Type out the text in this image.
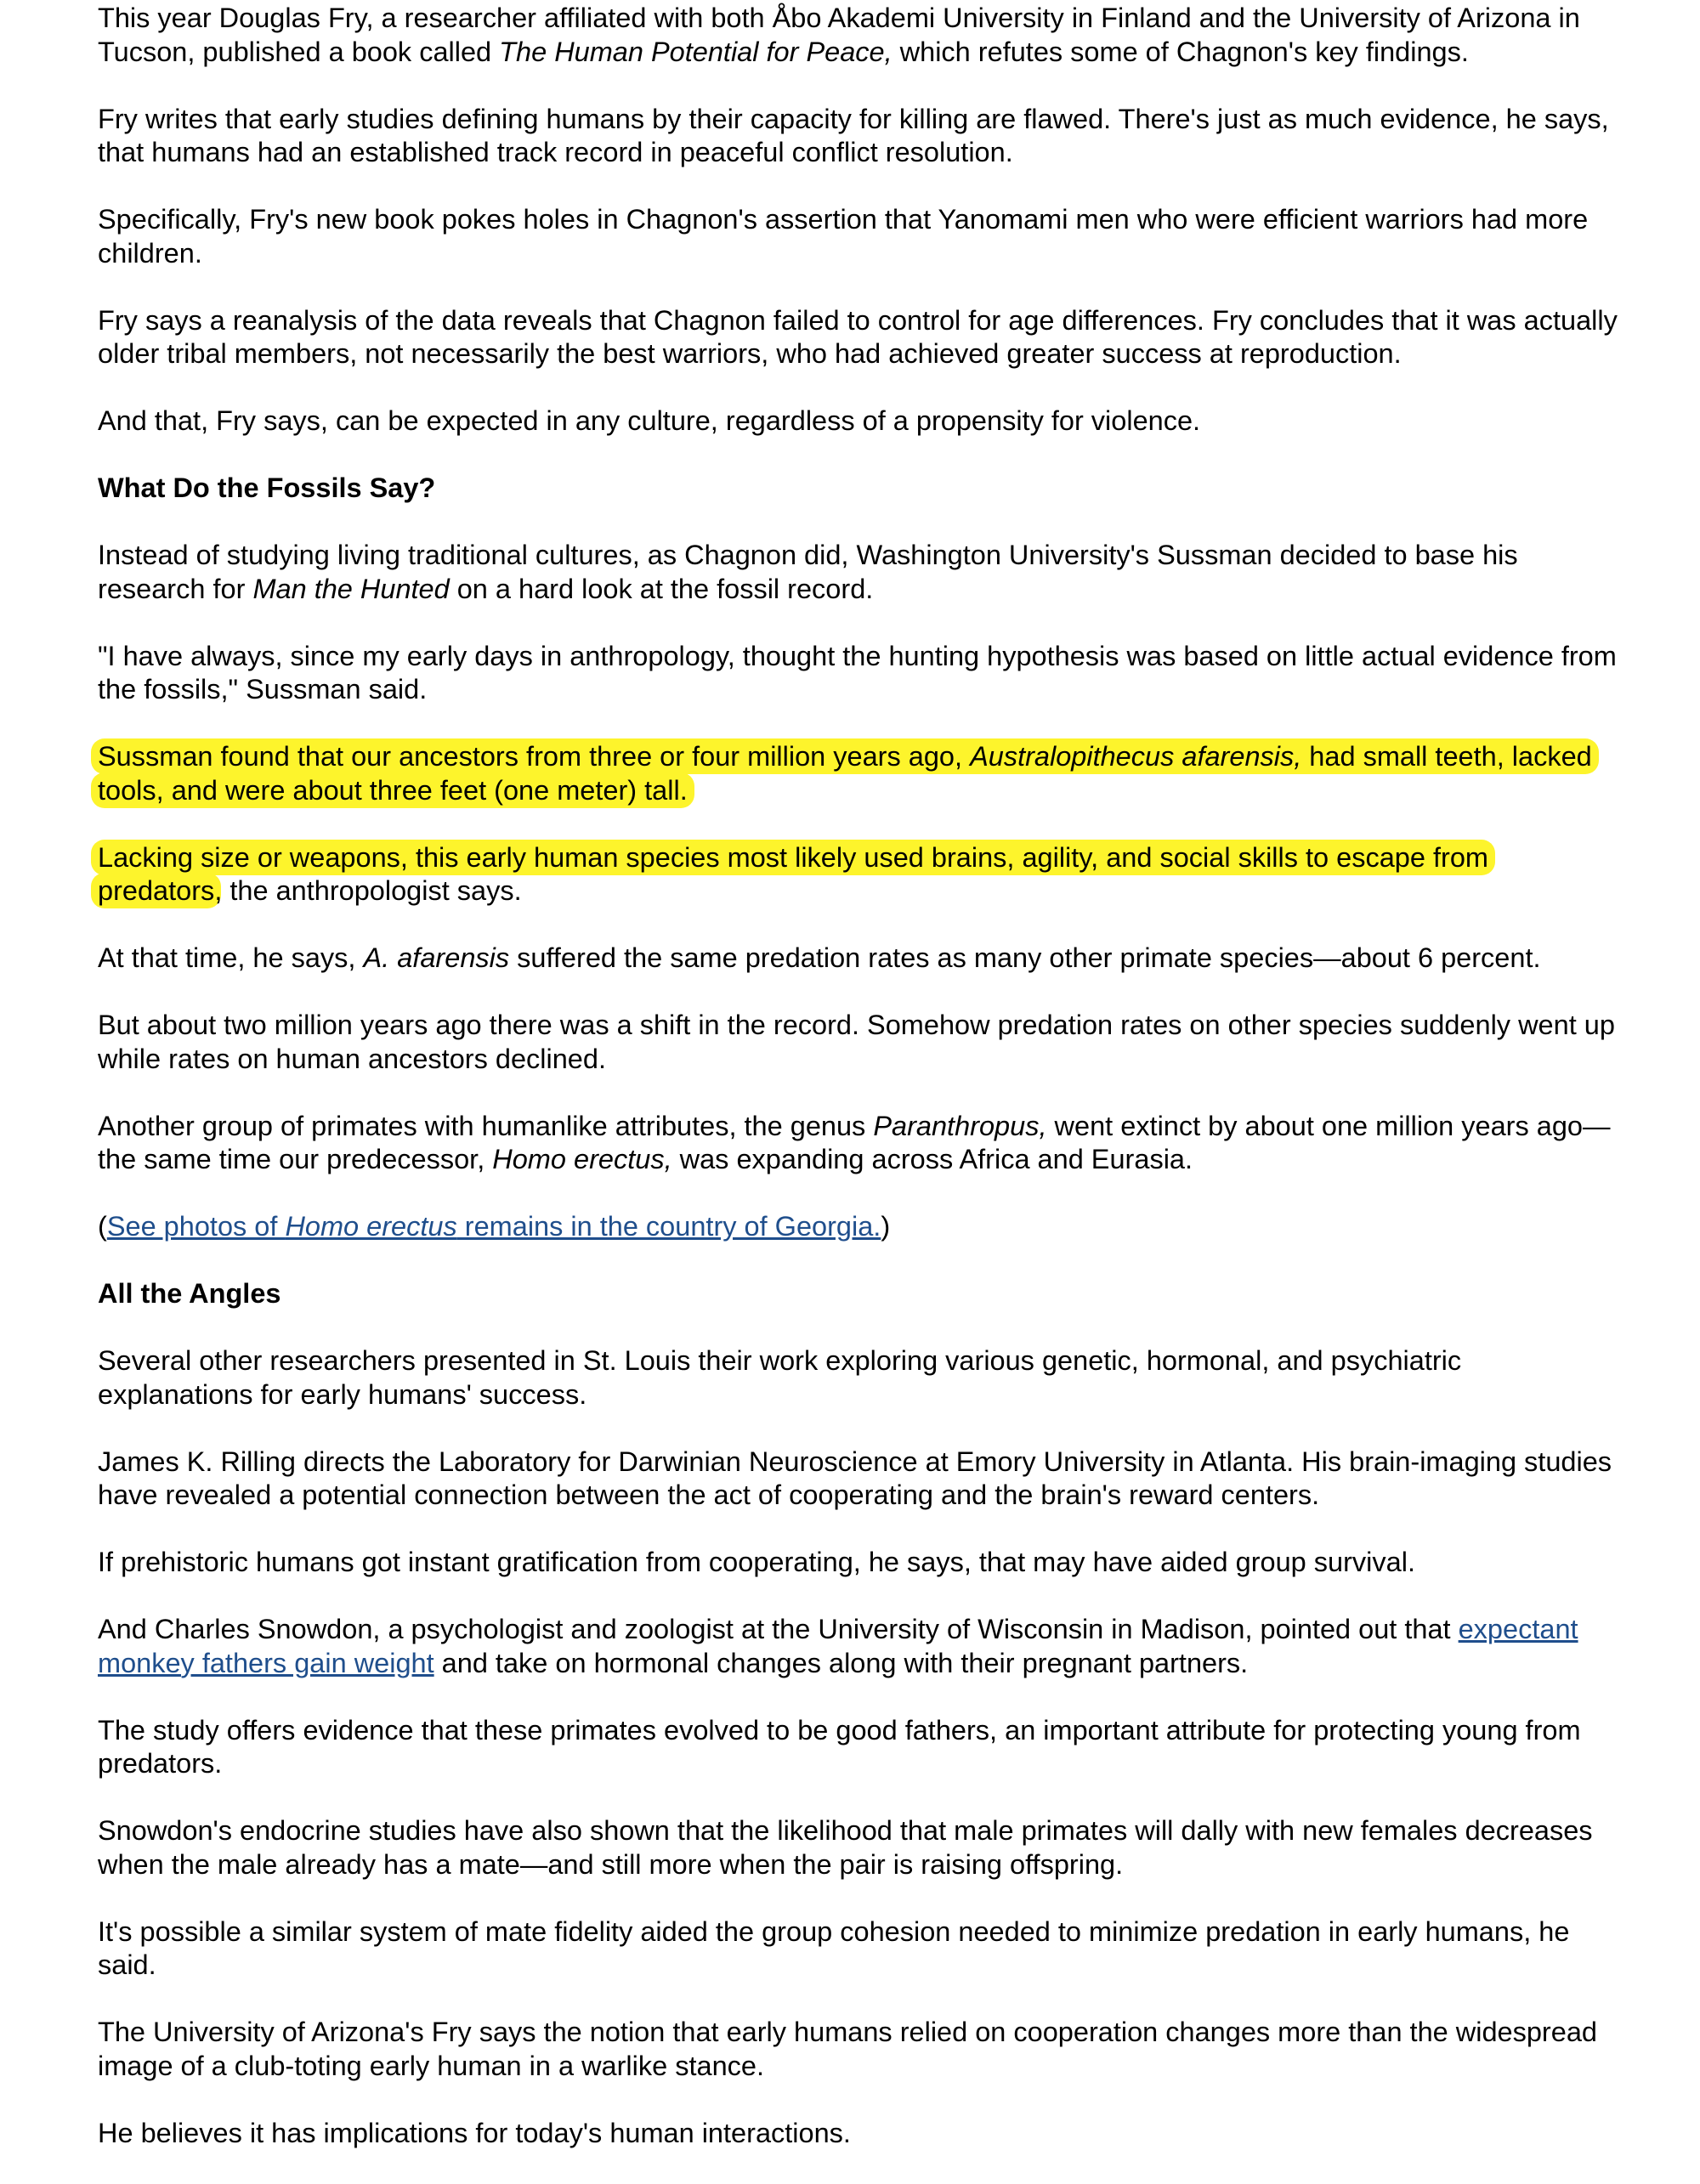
This year Douglas Fry, a researcher affiliated with both Åbo Akademi University in Finland and the University of Arizona in Tucson, published a book called The Human Potential for Peace, which refutes some of Chagnon's key findings.

Fry writes that early studies defining humans by their capacity for killing are flawed. There's just as much evidence, he says, that humans had an established track record in peaceful conflict resolution.

Specifically, Fry's new book pokes holes in Chagnon's assertion that Yanomami men who were efficient warriors had more children.

Fry says a reanalysis of the data reveals that Chagnon failed to control for age differences. Fry concludes that it was actually older tribal members, not necessarily the best warriors, who had achieved greater success at reproduction.

And that, Fry says, can be expected in any culture, regardless of a propensity for violence.

What Do the Fossils Say?

Instead of studying living traditional cultures, as Chagnon did, Washington University's Sussman decided to base his research for Man the Hunted on a hard look at the fossil record.

"I have always, since my early days in anthropology, thought the hunting hypothesis was based on little actual evidence from the fossils," Sussman said.

Sussman found that our ancestors from three or four million years ago, Australopithecus afarensis, had small teeth, lacked tools, and were about three feet (one meter) tall.

Lacking size or weapons, this early human species most likely used brains, agility, and social skills to escape from predators, the anthropologist says.

At that time, he says, A. afarensis suffered the same predation rates as many other primate species—about 6 percent.

But about two million years ago there was a shift in the record. Somehow predation rates on other species suddenly went up while rates on human ancestors declined.

Another group of primates with humanlike attributes, the genus Paranthropus, went extinct by about one million years ago—the same time our predecessor, Homo erectus, was expanding across Africa and Eurasia.

(See photos of Homo erectus remains in the country of Georgia.)

All the Angles

Several other researchers presented in St. Louis their work exploring various genetic, hormonal, and psychiatric explanations for early humans' success.

James K. Rilling directs the Laboratory for Darwinian Neuroscience at Emory University in Atlanta. His brain-imaging studies have revealed a potential connection between the act of cooperating and the brain's reward centers.

If prehistoric humans got instant gratification from cooperating, he says, that may have aided group survival.

And Charles Snowdon, a psychologist and zoologist at the University of Wisconsin in Madison, pointed out that expectant monkey fathers gain weight and take on hormonal changes along with their pregnant partners.

The study offers evidence that these primates evolved to be good fathers, an important attribute for protecting young from predators.

Snowdon's endocrine studies have also shown that the likelihood that male primates will dally with new females decreases when the male already has a mate—and still more when the pair is raising offspring.

It's possible a similar system of mate fidelity aided the group cohesion needed to minimize predation in early humans, he said.

The University of Arizona's Fry says the notion that early humans relied on cooperation changes more than the widespread image of a club-toting early human in a warlike stance.

He believes it has implications for today's human interactions.
